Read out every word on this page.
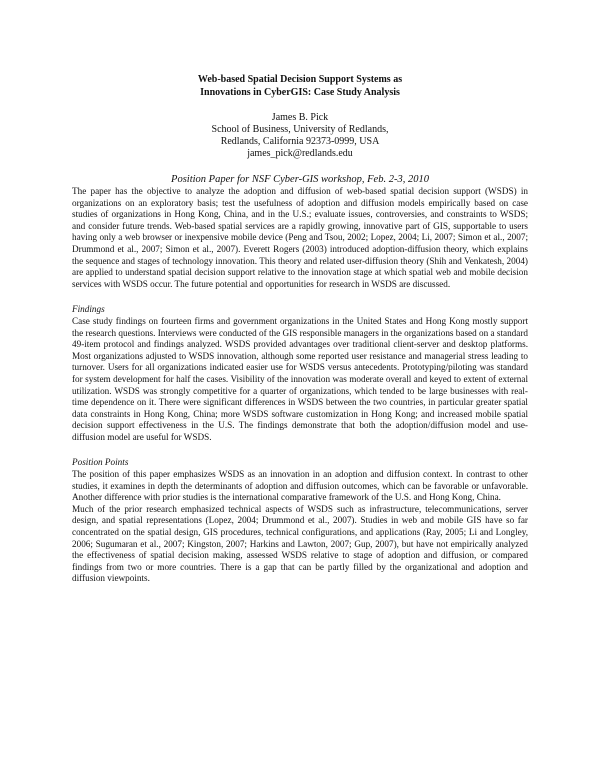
Web-based Spatial Decision Support Systems as
Innovations in CyberGIS: Case Study Analysis
James B. Pick
School of Business, University of Redlands,
Redlands, California 92373-0999, USA
james_pick@redlands.edu
Position Paper for NSF Cyber-GIS workshop, Feb. 2-3, 2010

The paper has the objective to analyze the adoption and diffusion of web-based spatial decision support (WSDS) in organizations on an exploratory basis; test the usefulness of adoption and diffusion models empirically based on case studies of organizations in Hong Kong, China, and in the U.S.; evaluate issues, controversies, and constraints to WSDS; and consider future trends. Web-based spatial services are a rapidly growing, innovative part of GIS, supportable to users having only a web browser or inexpensive mobile device (Peng and Tsou, 2002; Lopez, 2004; Li, 2007; Simon et al., 2007; Drummond et al., 2007; Simon et al., 2007). Everett Rogers (2003) introduced adoption-diffusion theory, which explains the sequence and stages of technology innovation. This theory and related user-diffusion theory (Shih and Venkatesh, 2004) are applied to understand spatial decision support relative to the innovation stage at which spatial web and mobile decision services with WSDS occur. The future potential and opportunities for research in WSDS are discussed.

Findings

Case study findings on fourteen firms and government organizations in the United States and Hong Kong mostly support the research questions. Interviews were conducted of the GIS responsible managers in the organizations based on a standard 49-item protocol and findings analyzed. WSDS provided advantages over traditional client-server and desktop platforms. Most organizations adjusted to WSDS innovation, although some reported user resistance and managerial stress leading to turnover. Users for all organizations indicated easier use for WSDS versus antecedents. Prototyping/piloting was standard for system development for half the cases. Visibility of the innovation was moderate overall and keyed to extent of external utilization. WSDS was strongly competitive for a quarter of organizations, which tended to be large businesses with real-time dependence on it. There were significant differences in WSDS between the two countries, in particular greater spatial data constraints in Hong Kong, China; more WSDS software customization in Hong Kong; and increased mobile spatial decision support effectiveness in the U.S. The findings demonstrate that both the adoption/diffusion model and use-diffusion model are useful for WSDS.

Position Points

The position of this paper emphasizes WSDS as an innovation in an adoption and diffusion context. In contrast to other studies, it examines in depth the determinants of adoption and diffusion outcomes, which can be favorable or unfavorable. Another difference with prior studies is the international comparative framework of the U.S. and Hong Kong, China.

Much of the prior research emphasized technical aspects of WSDS such as infrastructure, telecommunications, server design, and spatial representations (Lopez, 2004; Drummond et al., 2007). Studies in web and mobile GIS have so far concentrated on the spatial design, GIS procedures, technical configurations, and applications (Ray, 2005; Li and Longley, 2006; Sugumaran et al., 2007; Kingston, 2007; Harkins and Lawton, 2007; Gup, 2007), but have not empirically analyzed the effectiveness of spatial decision making, assessed WSDS relative to stage of adoption and diffusion, or compared findings from two or more countries. There is a gap that can be partly filled by the organizational and adoption and diffusion viewpoints.
